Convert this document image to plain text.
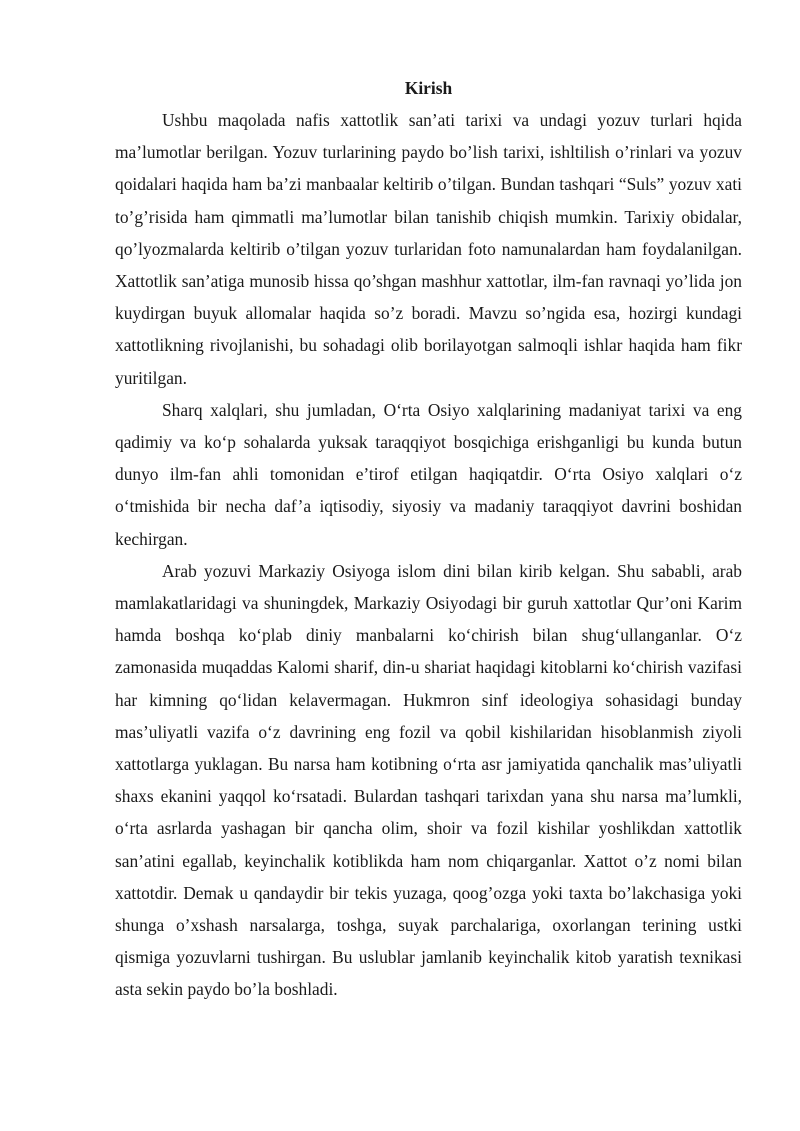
Kirish

Ushbu maqolada nafis xattotlik san’ati tarixi va undagi yozuv turlari hqida ma’lumotlar berilgan. Yozuv turlarining paydo bo’lish tarixi, ishltilish o’rinlari va yozuv qoidalari haqida ham ba’zi manbaalar keltirib o’tilgan. Bundan tashqari “Suls” yozuv xati to’g’risida ham qimmatli ma’lumotlar bilan tanishib chiqish mumkin. Tarixiy obidalar, qo’lyozmalarda keltirib o’tilgan yozuv turlaridan foto namunalardan ham foydalanilgan. Xattotlik san’atiga munosib hissa qo’shgan mashhur xattotlar, ilm-fan ravnaqi yo’lida jon kuydirgan buyuk allomalar haqida so’z boradi. Mavzu so’ngida esa, hozirgi kundagi xattotlikning rivojlanishi, bu sohadagi olib borilayotgan salmoqli ishlar haqida ham fikr yuritilgan.

Sharq xalqlari, shu jumladan, O‘rta Osiyo xalqlarining madaniyat tarixi va eng qadimiy va ko‘p sohalarda yuksak taraqqiyot bosqichiga erishganligi bu kunda butun dunyo ilm-fan ahli tomonidan e’tirof etilgan haqiqatdir. O‘rta Osiyo xalqlari o‘z o‘tmishida bir necha daf’a iqtisodiy, siyosiy va madaniy taraqqiyot davrini boshidan kechirgan.

Arab yozuvi Markaziy Osiyoga islom dini bilan kirib kelgan. Shu sababli, arab mamlakatlaridagi va shuningdek, Markaziy Osiyodagi bir guruh xattotlar Qur’oni Karim hamda boshqa ko‘plab diniy manbalarni ko‘chirish bilan shug‘ullanganlar. O‘z zamonasida muqaddas Kalomi sharif, din-u shariat haqidagi kitoblarni ko‘chirish vazifasi har kimning qo‘lidan kelavermagan. Hukmron sinf ideologiya sohasidagi bunday mas’uliyatli vazifa o‘z davrining eng fozil va qobil kishilaridan hisoblanmish ziyoli xattotlarga yuklagan. Bu narsa ham kotibning o‘rta asr jamiyatida qanchalik mas’uliyatli shaxs ekanini yaqqol ko‘rsatadi. Bulardan tashqari tarixdan yana shu narsa ma’lumkli, o‘rta asrlarda yashagan bir qancha olim, shoir va fozil kishilar yoshlikdan xattotlik san’atini egallab, keyinchalik kotiblikda ham nom chiqarganlar. Xattot o’z nomi bilan xattotdir. Demak u qandaydir bir tekis yuzaga, qoog’ozga yoki taxta bo’lakchasiga yoki shunga o’xshash narsalarga, toshga, suyak parchalariga, oxorlangan terining ustki qismiga yozuvlarni tushirgan. Bu uslublar jamlanib keyinchalik kitob yaratish texnikasi asta sekin paydo bo’la boshladi.
